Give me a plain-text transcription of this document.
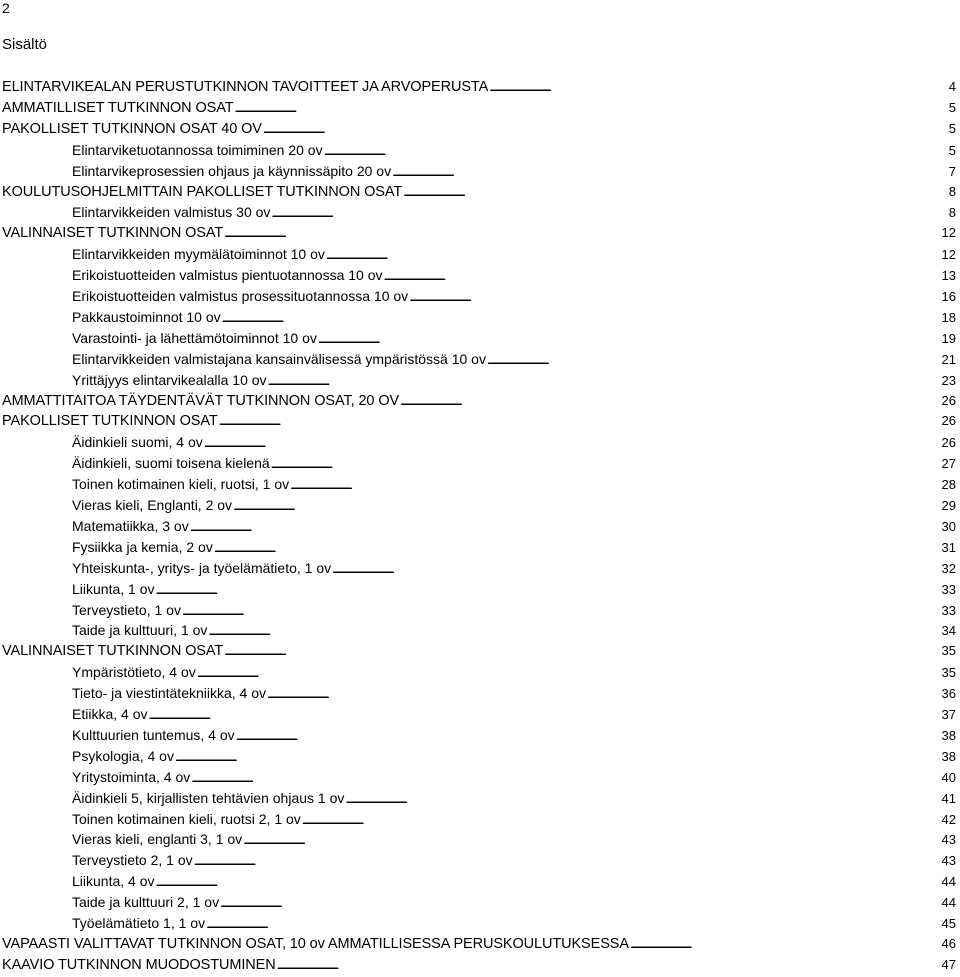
2
Sisältö
ELINTARVIKEALAN PERUSTUTKINNON TAVOITTEET JA ARVOPERUSTA . . .	4
AMMATILLISET TUTKINNON OSAT . . .	5
PAKOLLISET TUTKINNON OSAT 40 OV . . .	5
Elintarviketuotannossa toimiminen 20 ov . . .	5
Elintarvikeprosessien ohjaus ja käynnissäpito 20 ov . . .	7
KOULUTUSOHJELMITTAIN PAKOLLISET TUTKINNON OSAT . . .	8
Elintarvikkeiden valmistus 30 ov . . .	8
VALINNAISET TUTKINNON OSAT . . .	12
Elintarvikkeiden myymälätoiminnot 10 ov . . .	12
Erikoistuotteiden valmistus pientuotannossa 10 ov . . .	13
Erikoistuotteiden valmistus prosessituotannossa 10 ov . . .	16
Pakkaustoiminnot 10 ov . . .	18
Varastointi- ja lähettämötoiminnot 10 ov . . .	19
Elintarvikkeiden valmistajana kansainvälisessä ympäristössä 10 ov . . .	21
Yrittäjyys elintarvikealalla 10 ov . . .	23
AMMATTITAITOA TÄYDENTÄVÄT TUTKINNON OSAT, 20 OV . . .	26
PAKOLLISET TUTKINNON OSAT . . .	26
Äidinkieli suomi, 4 ov . . .	26
Äidinkieli, suomi toisena kielenä . . .	27
Toinen kotimainen kieli, ruotsi, 1 ov . . .	28
Vieras kieli, Englanti, 2 ov . . .	29
Matematiikka, 3 ov . . .	30
Fysiikka ja kemia, 2 ov . . .	31
Yhteiskunta-, yritys- ja työelämätieto, 1 ov . . .	32
Liikunta, 1 ov . . .	33
Terveystieto, 1 ov . . .	33
Taide ja kulttuuri, 1 ov . . .	34
VALINNAISET TUTKINNON OSAT . . .	35
Ympäristötieto, 4 ov . . .	35
Tieto- ja viestintätekniikka, 4 ov . . .	36
Etiikka, 4 ov . . .	37
Kulttuurien tuntemus, 4 ov . . .	38
Psykologia, 4 ov . . .	38
Yritystoiminta, 4 ov . . .	40
Äidinkieli 5, kirjallisten tehtävien ohjaus 1 ov . . .	41
Toinen kotimainen kieli, ruotsi 2, 1 ov . . .	42
Vieras kieli, englanti 3, 1 ov . . .	43
Terveystieto 2, 1 ov . . .	43
Liikunta, 4 ov . . .	44
Taide ja kulttuuri 2, 1 ov . . .	44
Työelämätieto 1, 1 ov . . .	45
VAPAASTI VALITTAVAT TUTKINNON OSAT, 10 ov AMMATILLISESSA PERUSKOULUTUKSESSA . . .	46
KAAVIO TUTKINNON MUODOSTUMINEN . . .	47
